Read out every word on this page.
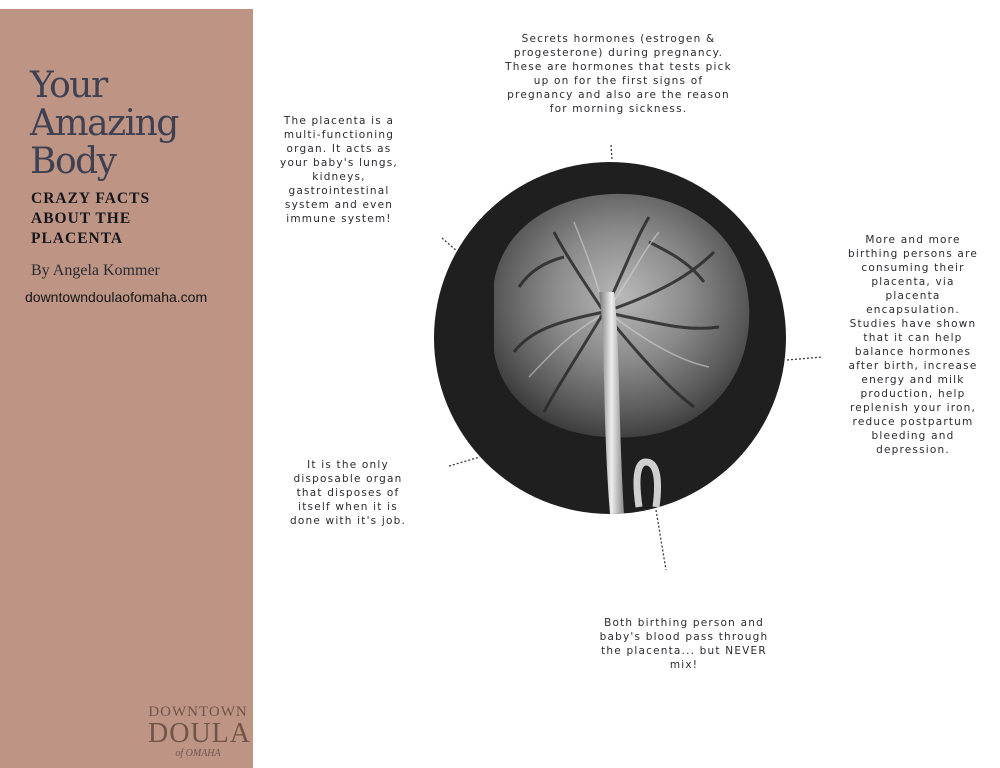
Your
Amazing
Body
CRAZY FACTS
ABOUT THE
PLACENTA
By Angela Kommer
downtowndoulaofomaha.com
DOWNTOWN
DOULA
of OMAHA

Secrets hormones (estrogen & progesterone) during pregnancy. These are hormones that tests pick up on for the first signs of pregnancy and also are the reason for morning sickness.

The placenta is a multi-functioning organ. It acts as your baby's lungs, kidneys, gastrointestinal system and even immune system!

More and more birthing persons are consuming their placenta, via placenta encapsulation. Studies have shown that it can help balance hormones after birth, increase energy and milk production, help replenish your iron, reduce postpartum bleeding and depression.

It is the only disposable organ that disposes of itself when it is done with it's job.

Both birthing person and baby's blood pass through the placenta... but NEVER mix!
